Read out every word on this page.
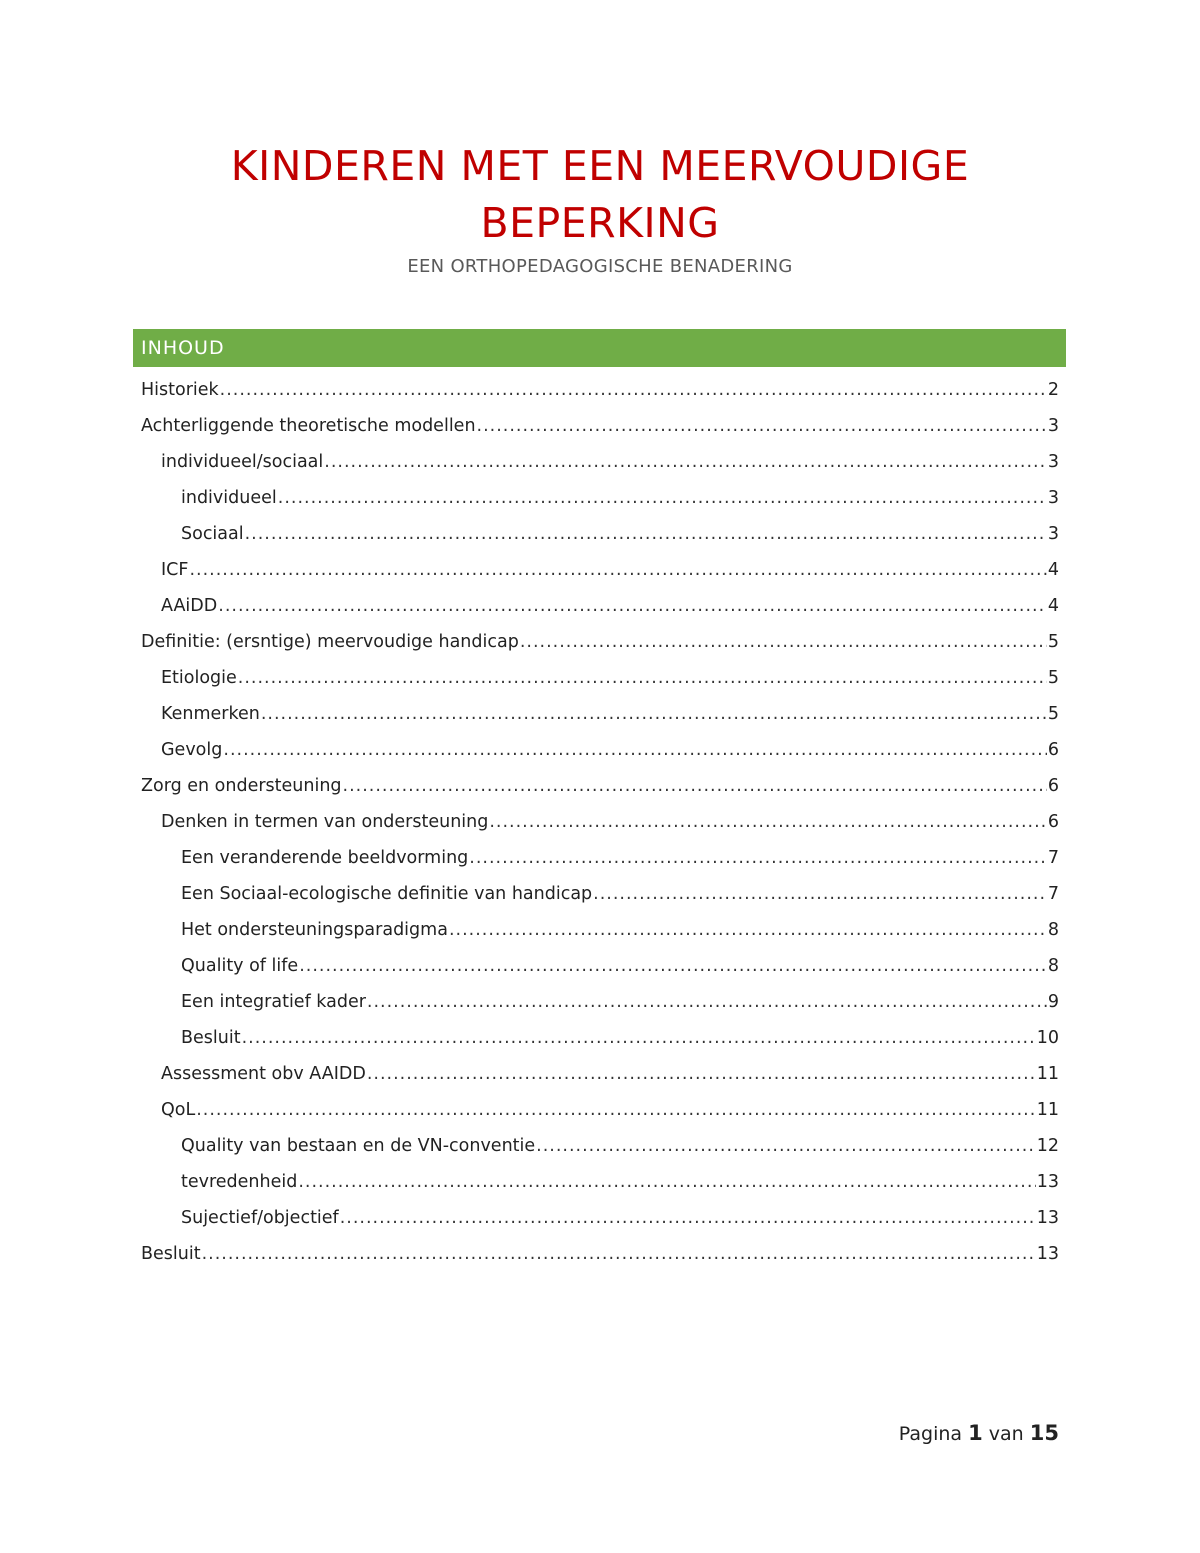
KINDEREN MET EEN MEERVOUDIGE
BEPERKING
EEN ORTHOPEDAGOGISCHE BENADERING
INHOUD
Historiek .....	2
Achterliggende theoretische modellen .....	3
individueel/sociaal .....	3
individueel .....	3
Sociaal .....	3
ICF .....	4
AAiDD .....	4
Definitie: (ersntige) meervoudige handicap .....	5
Etiologie .....	5
Kenmerken .....	5
Gevolg .....	6
Zorg en ondersteuning .....	6
Denken in termen van ondersteuning .....	6
Een veranderende beeldvorming .....	7
Een Sociaal-ecologische definitie van handicap .....	7
Het ondersteuningsparadigma .....	8
Quality of life .....	8
Een integratief kader .....	9
Besluit .....	10
Assessment obv AAIDD .....	11
QoL .....	11
Quality van bestaan en de VN-conventie .....	12
tevredenheid .....	13
Sujectief/objectief .....	13
Besluit .....	13
Pagina 1 van 15
